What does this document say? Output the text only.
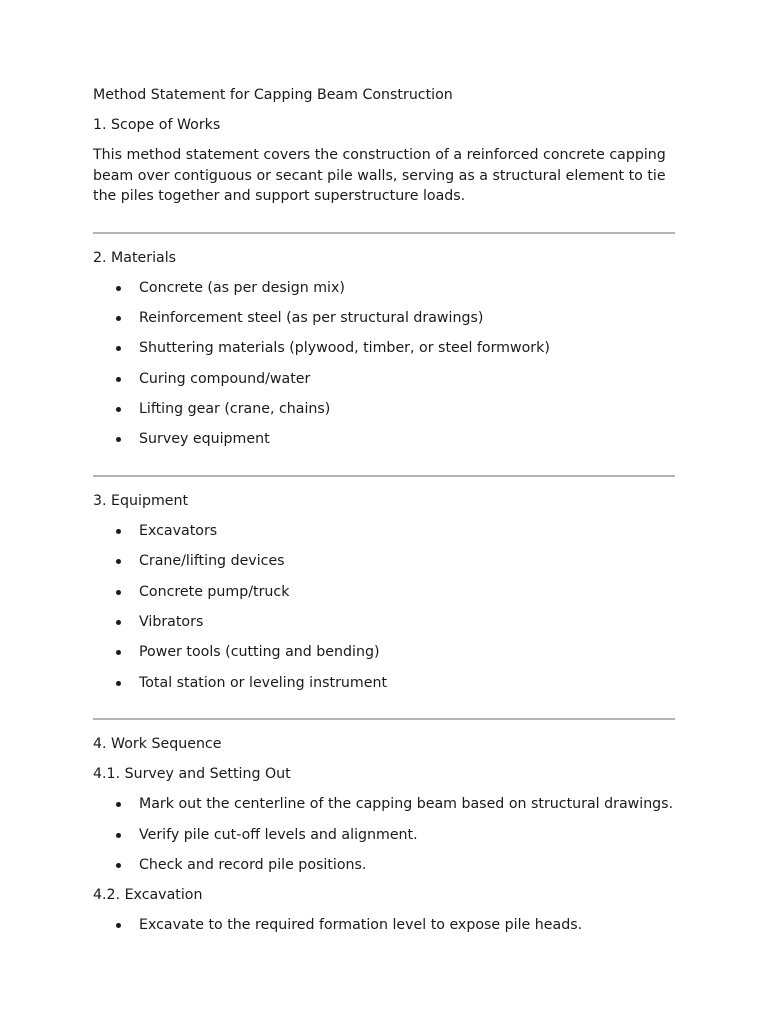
Method Statement for Capping Beam Construction

1. Scope of Works

This method statement covers the construction of a reinforced concrete capping beam over contiguous or secant pile walls, serving as a structural element to tie the piles together and support superstructure loads.

2. Materials

Concrete (as per design mix)
Reinforcement steel (as per structural drawings)
Shuttering materials (plywood, timber, or steel formwork)
Curing compound/water
Lifting gear (crane, chains)
Survey equipment

3. Equipment

Excavators
Crane/lifting devices
Concrete pump/truck
Vibrators
Power tools (cutting and bending)
Total station or leveling instrument

4. Work Sequence

4.1. Survey and Setting Out

Mark out the centerline of the capping beam based on structural drawings.
Verify pile cut-off levels and alignment.
Check and record pile positions.

4.2. Excavation

Excavate to the required formation level to expose pile heads.
